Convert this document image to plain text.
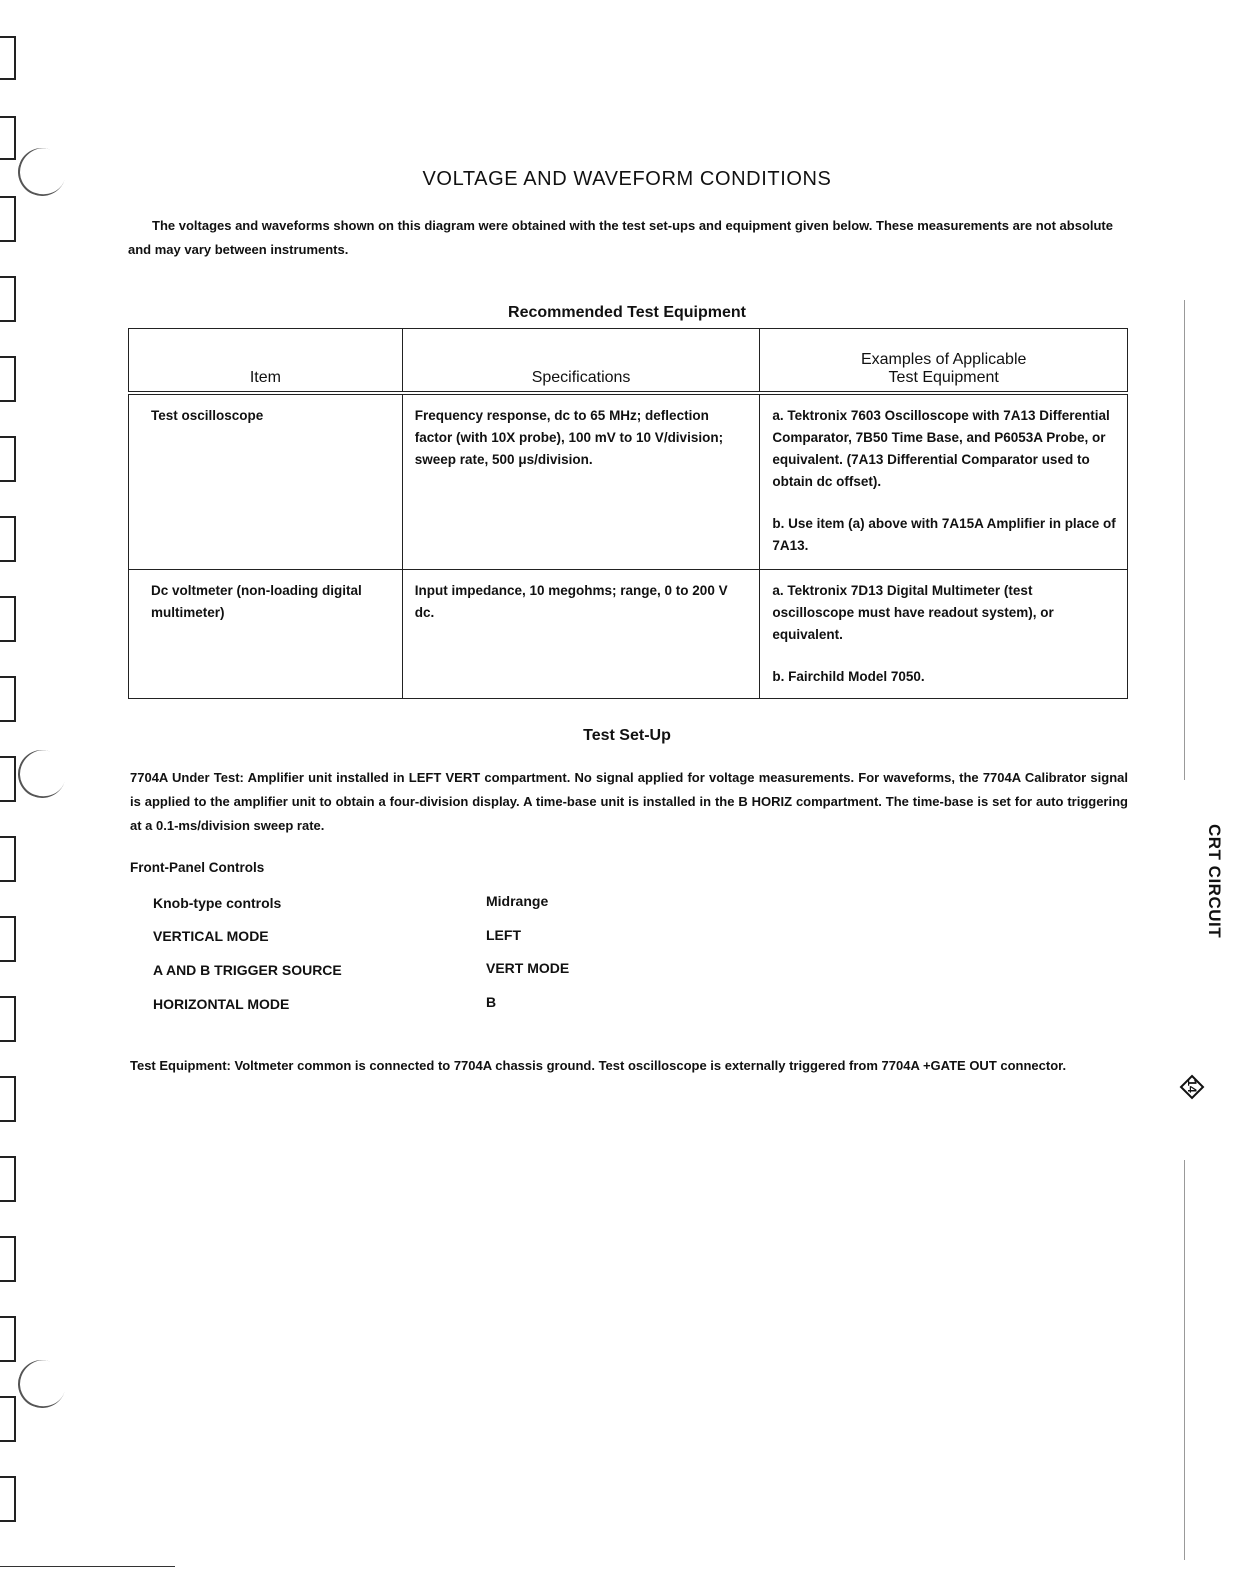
VOLTAGE AND WAVEFORM CONDITIONS

The voltages and waveforms shown on this diagram were obtained with the test set-ups and equipment given below. These measurements are not absolute and may vary between instruments.

Recommended Test Equipment

Item	Specifications	Examples of Applicable
Test Equipment

Test oscilloscope	Frequency response, dc to 65 MHz; deflection factor (with 10X probe), 100 mV to 10 V/division; sweep rate, 500 μs/division.	a. Tektronix 7603 Oscilloscope with 7A13 Differential Comparator, 7B50 Time Base, and P6053A Probe, or equivalent. (7A13 Differential Comparator used to obtain dc offset).
b. Use item (a) above with 7A15A Amplifier in place of 7A13.

Dc voltmeter (non-loading digital multimeter)	Input impedance, 10 megohms; range, 0 to 200 V dc.	a. Tektronix 7D13 Digital Multimeter (test oscilloscope must have readout system), or equivalent.
b. Fairchild Model 7050.

Test Set-Up

7704A Under Test: Amplifier unit installed in LEFT VERT compartment. No signal applied for voltage measurements. For waveforms, the 7704A Calibrator signal is applied to the amplifier unit to obtain a four-division display. A time-base unit is installed in the B HORIZ compartment. The time-base is set for auto triggering at a 0.1-ms/division sweep rate.

Front-Panel Controls

Knob-type controls	Midrange
VERTICAL MODE	LEFT
A AND B TRIGGER SOURCE	VERT MODE
HORIZONTAL MODE	B

Test Equipment: Voltmeter common is connected to 7704A chassis ground. Test oscilloscope is externally triggered from 7704A +GATE OUT connector.

CRT CIRCUIT
14
